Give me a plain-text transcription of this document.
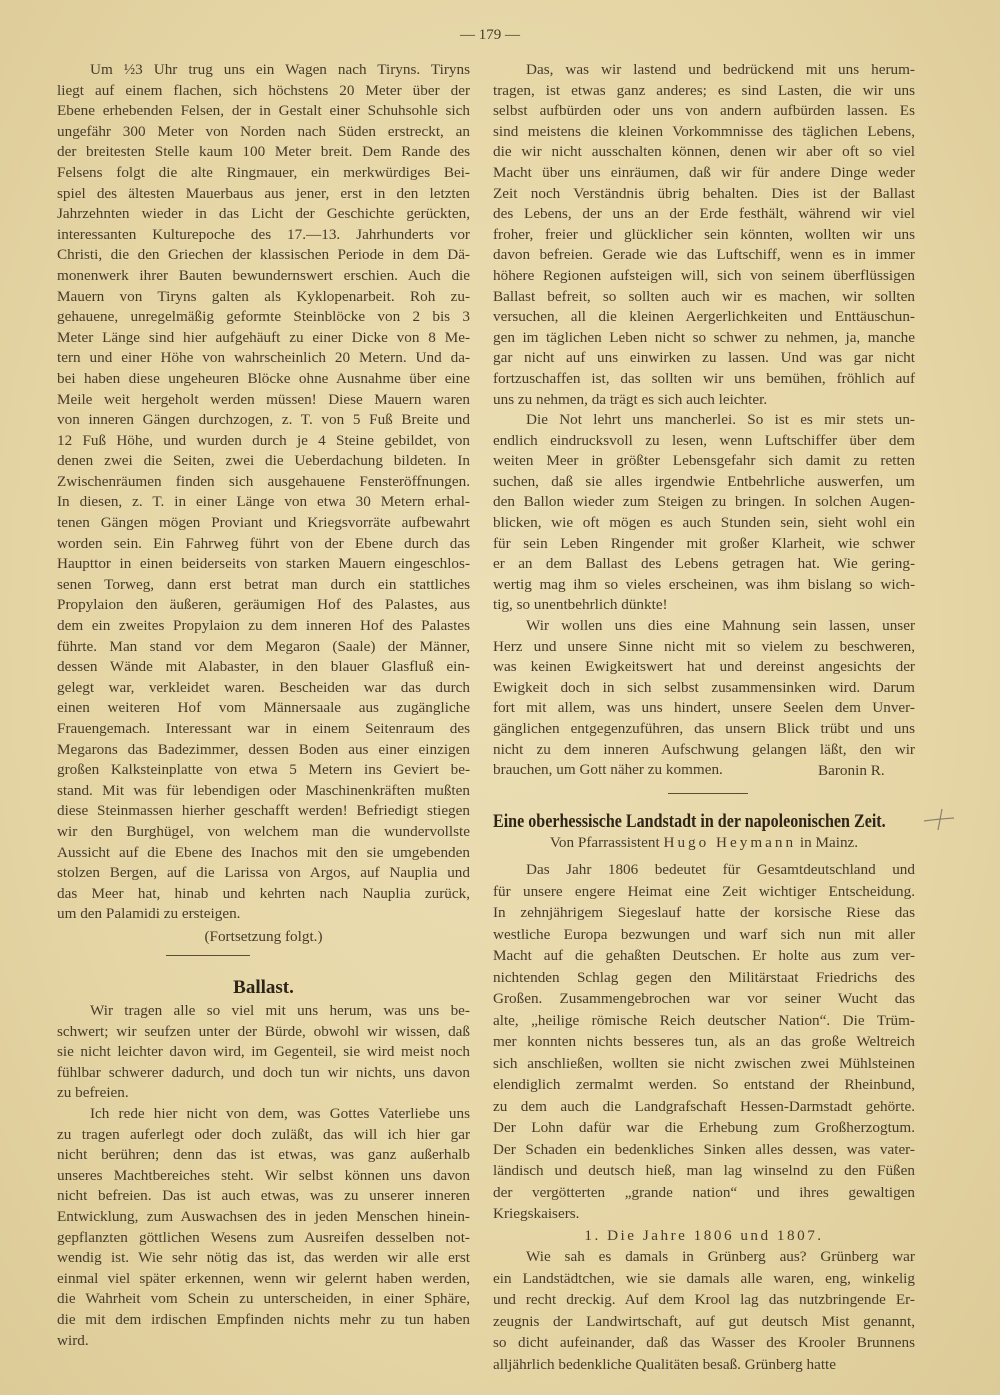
— 179 —
Um ½3 Uhr trug uns ein Wagen nach Tiryns. Tiryns
liegt auf einem flachen, sich höchstens 20 Meter über der
Ebene erhebenden Felsen, der in Gestalt einer Schuhsohle sich
ungefähr 300 Meter von Norden nach Süden erstreckt, an
der breitesten Stelle kaum 100 Meter breit. Dem Rande des
Felsens folgt die alte Ringmauer, ein merkwürdiges Bei-
spiel des ältesten Mauerbaus aus jener, erst in den letzten
Jahrzehnten wieder in das Licht der Geschichte gerückten,
interessanten Kulturepoche des 17.—13. Jahrhunderts vor
Christi, die den Griechen der klassischen Periode in dem Dä-
monenwerk ihrer Bauten bewundernswert erschien. Auch die
Mauern von Tiryns galten als Kyklopenarbeit. Roh zu-
gehauene, unregelmäßig geformte Steinblöcke von 2 bis 3
Meter Länge sind hier aufgehäuft zu einer Dicke von 8 Me-
tern und einer Höhe von wahrscheinlich 20 Metern. Und da-
bei haben diese ungeheuren Blöcke ohne Ausnahme über eine
Meile weit hergeholt werden müssen! Diese Mauern waren
von inneren Gängen durchzogen, z. T. von 5 Fuß Breite und
12 Fuß Höhe, und wurden durch je 4 Steine gebildet, von
denen zwei die Seiten, zwei die Ueberdachung bildeten. In
Zwischenräumen finden sich ausgehauene Fensteröffnungen.
In diesen, z. T. in einer Länge von etwa 30 Metern erhal-
tenen Gängen mögen Proviant und Kriegsvorräte aufbewahrt
worden sein. Ein Fahrweg führt von der Ebene durch das
Haupttor in einen beiderseits von starken Mauern eingeschlos-
senen Torweg, dann erst betrat man durch ein stattliches
Propylaion den äußeren, geräumigen Hof des Palastes, aus
dem ein zweites Propylaion zu dem inneren Hof des Palastes
führte. Man stand vor dem Megaron (Saale) der Männer,
dessen Wände mit Alabaster, in den blauer Glasfluß ein-
gelegt war, verkleidet waren. Bescheiden war das durch
einen weiteren Hof vom Männersaale aus zugängliche
Frauengemach. Interessant war in einem Seitenraum des
Megarons das Badezimmer, dessen Boden aus einer einzigen
großen Kalksteinplatte von etwa 5 Metern ins Geviert be-
stand. Mit was für lebendigen oder Maschinenkräften mußten
diese Steinmassen hierher geschafft werden! Befriedigt stiegen
wir den Burghügel, von welchem man die wundervollste
Aussicht auf die Ebene des Inachos mit den sie umgebenden
stolzen Bergen, auf die Larissa von Argos, auf Nauplia und
das Meer hat, hinab und kehrten nach Nauplia zurück,
um den Palamidi zu ersteigen.
(Fortsetzung folgt.)
Ballast.
Wir tragen alle so viel mit uns herum, was uns be-
schwert; wir seufzen unter der Bürde, obwohl wir wissen, daß
sie nicht leichter davon wird, im Gegenteil, sie wird meist noch
fühlbar schwerer dadurch, und doch tun wir nichts, uns davon
zu befreien.
Ich rede hier nicht von dem, was Gottes Vaterliebe uns
zu tragen auferlegt oder doch zuläßt, das will ich hier gar
nicht berühren; denn das ist etwas, was ganz außerhalb
unseres Machtbereiches steht. Wir selbst können uns davon
nicht befreien. Das ist auch etwas, was zu unserer inneren
Entwicklung, zum Auswachsen des in jeden Menschen hinein-
gepflanzten göttlichen Wesens zum Ausreifen desselben not-
wendig ist. Wie sehr nötig das ist, das werden wir alle erst
einmal viel später erkennen, wenn wir gelernt haben werden,
die Wahrheit vom Schein zu unterscheiden, in einer Sphäre,
die mit dem irdischen Empfinden nichts mehr zu tun haben
wird.
Das, was wir lastend und bedrückend mit uns herum-
tragen, ist etwas ganz anderes; es sind Lasten, die wir uns
selbst aufbürden oder uns von andern aufbürden lassen. Es
sind meistens die kleinen Vorkommnisse des täglichen Lebens,
die wir nicht ausschalten können, denen wir aber oft so viel
Macht über uns einräumen, daß wir für andere Dinge weder
Zeit noch Verständnis übrig behalten. Dies ist der Ballast
des Lebens, der uns an der Erde festhält, während wir viel
froher, freier und glücklicher sein könnten, wollten wir uns
davon befreien. Gerade wie das Luftschiff, wenn es in immer
höhere Regionen aufsteigen will, sich von seinem überflüssigen
Ballast befreit, so sollten auch wir es machen, wir sollten
versuchen, all die kleinen Aergerlichkeiten und Enttäuschun-
gen im täglichen Leben nicht so schwer zu nehmen, ja, manche
gar nicht auf uns einwirken zu lassen. Und was gar nicht
fortzuschaffen ist, das sollten wir uns bemühen, fröhlich auf
uns zu nehmen, da trägt es sich auch leichter.
Die Not lehrt uns mancherlei. So ist es mir stets un-
endlich eindrucksvoll zu lesen, wenn Luftschiffer über dem
weiten Meer in größter Lebensgefahr sich damit zu retten
suchen, daß sie alles irgendwie Entbehrliche auswerfen, um
den Ballon wieder zum Steigen zu bringen. In solchen Augen-
blicken, wie oft mögen es auch Stunden sein, sieht wohl ein
für sein Leben Ringender mit großer Klarheit, wie schwer
er an dem Ballast des Lebens getragen hat. Wie gering-
wertig mag ihm so vieles erscheinen, was ihm bislang so wich-
tig, so unentbehrlich dünkte!
Wir wollen uns dies eine Mahnung sein lassen, unser
Herz und unsere Sinne nicht mit so vielem zu beschweren,
was keinen Ewigkeitswert hat und dereinst angesichts der
Ewigkeit doch in sich selbst zusammensinken wird. Darum
fort mit allem, was uns hindert, unsere Seelen dem Unver-
gänglichen entgegenzuführen, das unsern Blick trübt und uns
nicht zu dem inneren Aufschwung gelangen läßt, den wir
brauchen, um Gott näher zu kommen.	Baronin R.
Eine oberhessische Landstadt in der napoleonischen Zeit.
Von Pfarrassistent Hugo Heymann in Mainz.
Das Jahr 1806 bedeutet für Gesamtdeutschland und
für unsere engere Heimat eine Zeit wichtiger Entscheidung.
In zehnjährigem Siegeslauf hatte der korsische Riese das
westliche Europa bezwungen und warf sich nun mit aller
Macht auf die gehaßten Deutschen. Er holte aus zum ver-
nichtenden Schlag gegen den Militärstaat Friedrichs des
Großen. Zusammengebrochen war vor seiner Wucht das
alte, „heilige römische Reich deutscher Nation“. Die Trüm-
mer konnten nichts besseres tun, als an das große Weltreich
sich anschließen, wollten sie nicht zwischen zwei Mühlsteinen
elendiglich zermalmt werden. So entstand der Rheinbund,
zu dem auch die Landgrafschaft Hessen-Darmstadt gehörte.
Der Lohn dafür war die Erhebung zum Großherzogtum.
Der Schaden ein bedenkliches Sinken alles dessen, was vater-
ländisch und deutsch hieß, man lag winselnd zu den Füßen
der vergötterten „grande nation“ und ihres gewaltigen
Kriegskaisers.
1. Die Jahre 1806 und 1807.
Wie sah es damals in Grünberg aus? Grünberg war
ein Landstädtchen, wie sie damals alle waren, eng, winkelig
und recht dreckig. Auf dem Krool lag das nutzbringende Er-
zeugnis der Landwirtschaft, auf gut deutsch Mist genannt,
so dicht aufeinander, daß das Wasser des Krooler Brunnens
alljährlich bedenkliche Qualitäten besaß. Grünberg hatte
